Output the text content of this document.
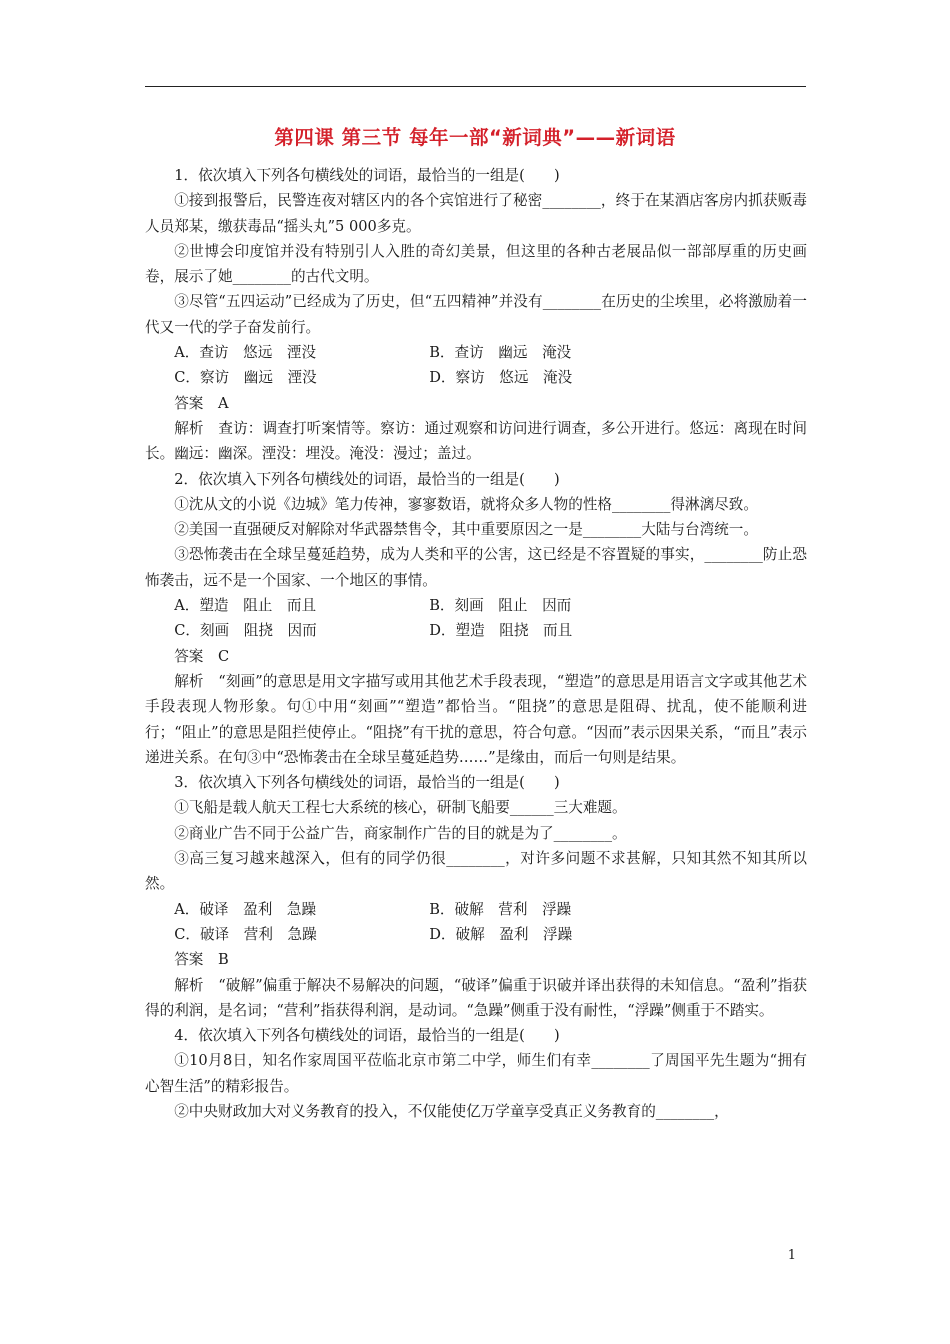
第四课 第三节 每年一部“新词典”——新词语

1．依次填入下列各句横线处的词语，最恰当的一组是(　　)

①接到报警后，民警连夜对辖区内的各个宾馆进行了秘密________，终于在某酒店客房内抓获贩毒人员郑某，缴获毒品“摇头丸”5 000多克。

②世博会印度馆并没有特别引人入胜的奇幻美景，但这里的各种古老展品似一部部厚重的历史画卷，展示了她________的古代文明。

③尽管“五四运动”已经成为了历史，但“五四精神”并没有________在历史的尘埃里，必将激励着一代又一代的学子奋发前行。

A．查访　悠远　湮没	B．查访　幽远　淹没
C．察访　幽远　湮没	D．察访　悠远　淹没

答案　A

解析　查访：调查打听案情等。察访：通过观察和访问进行调查，多公开进行。悠远：离现在时间长。幽远：幽深。湮没：埋没。淹没：漫过；盖过。

2．依次填入下列各句横线处的词语，最恰当的一组是(　　)

①沈从文的小说《边城》笔力传神，寥寥数语，就将众多人物的性格________得淋漓尽致。

②美国一直强硬反对解除对华武器禁售令，其中重要原因之一是________大陆与台湾统一。

③恐怖袭击在全球呈蔓延趋势，成为人类和平的公害，这已经是不容置疑的事实，________防止恐怖袭击，远不是一个国家、一个地区的事情。

A．塑造　阻止　而且	B．刻画　阻止　因而
C．刻画　阻挠　因而	D．塑造　阻挠　而且

答案　C

解析　“刻画”的意思是用文字描写或用其他艺术手段表现，“塑造”的意思是用语言文字或其他艺术手段表现人物形象。句①中用“刻画”“塑造”都恰当。“阻挠”的意思是阻碍、扰乱，使不能顺利进行；“阻止”的意思是阻拦使停止。“阻挠”有干扰的意思，符合句意。“因而”表示因果关系，“而且”表示递进关系。在句③中“恐怖袭击在全球呈蔓延趋势……”是缘由，而后一句则是结果。

3．依次填入下列各句横线处的词语，最恰当的一组是(　　)

①飞船是载人航天工程七大系统的核心，研制飞船要______三大难题。

②商业广告不同于公益广告，商家制作广告的目的就是为了________。

③高三复习越来越深入，但有的同学仍很________，对许多问题不求甚解，只知其然不知其所以然。

A．破译　盈利　急躁	B．破解　营利　浮躁
C．破译　营利　急躁	D．破解　盈利　浮躁

答案　B

解析　“破解”偏重于解决不易解决的问题，“破译”偏重于识破并译出获得的未知信息。“盈利”指获得的利润，是名词；“营利”指获得利润，是动词。“急躁”侧重于没有耐性，“浮躁”侧重于不踏实。

4．依次填入下列各句横线处的词语，最恰当的一组是(　　)

①10月8日，知名作家周国平莅临北京市第二中学，师生们有幸________了周国平先生题为“拥有心智生活”的精彩报告。

②中央财政加大对义务教育的投入，不仅能使亿万学童享受真正义务教育的________，

1
